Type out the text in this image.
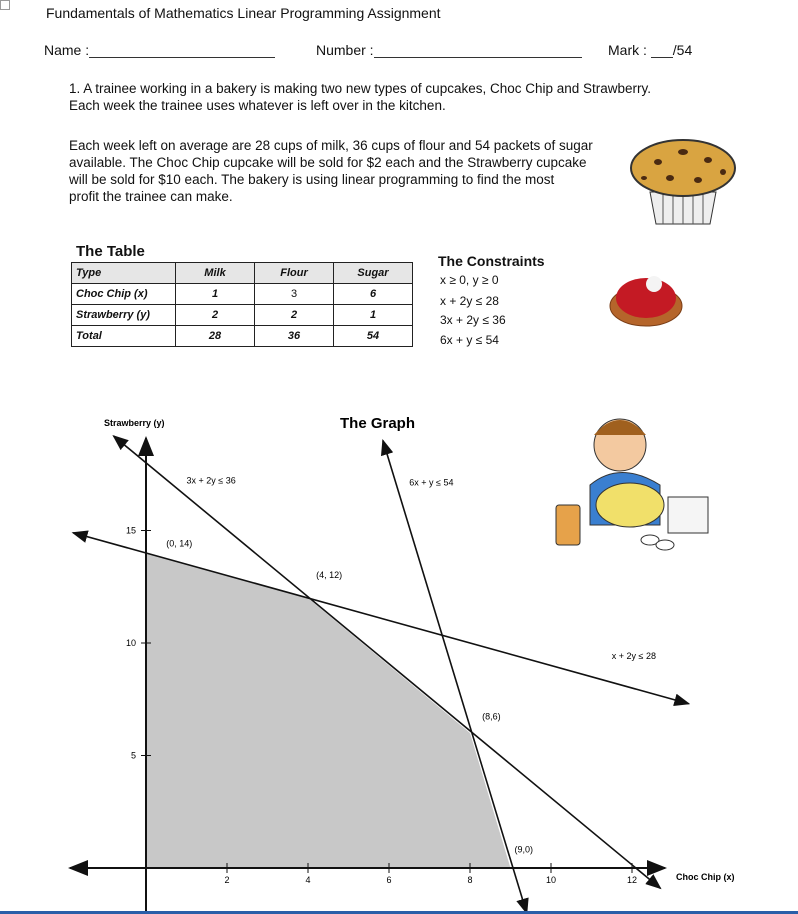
Fundamentals of Mathematics Linear Programming Assignment
Name :	Number :	Mark : /54

1. A trainee working in a bakery is making two new types of cupcakes, Choc Chip and Strawberry.

Each week the trainee uses whatever is left over in the kitchen.

Each week left on average are 28 cups of milk, 36 cups of flour and 54 packets of sugar

available. The Choc Chip cupcake will be sold for $2 each and the Strawberry cupcake

will be sold for $10 each. The bakery is using linear programming to find the most

profit the trainee can make.

The Table
Type	Milk	Flour	Sugar
Choc Chip (x)	1	3	6
Strawberry (y)	2	2	1
Total	28	36	54
The Constraints
x ≥ 0, y ≥ 0
x + 2y ≤ 28
3x + 2y ≤ 36
6x + y ≤ 54
The Graph
Strawberry (y)
Choc Chip (x)
2	4	6	8	10	12
5
10
15
x + 2y ≤ 28
3x + 2y ≤ 36	6x + y ≤ 54
(0, 14)
(4, 12)
(8,6)
(9,0)
